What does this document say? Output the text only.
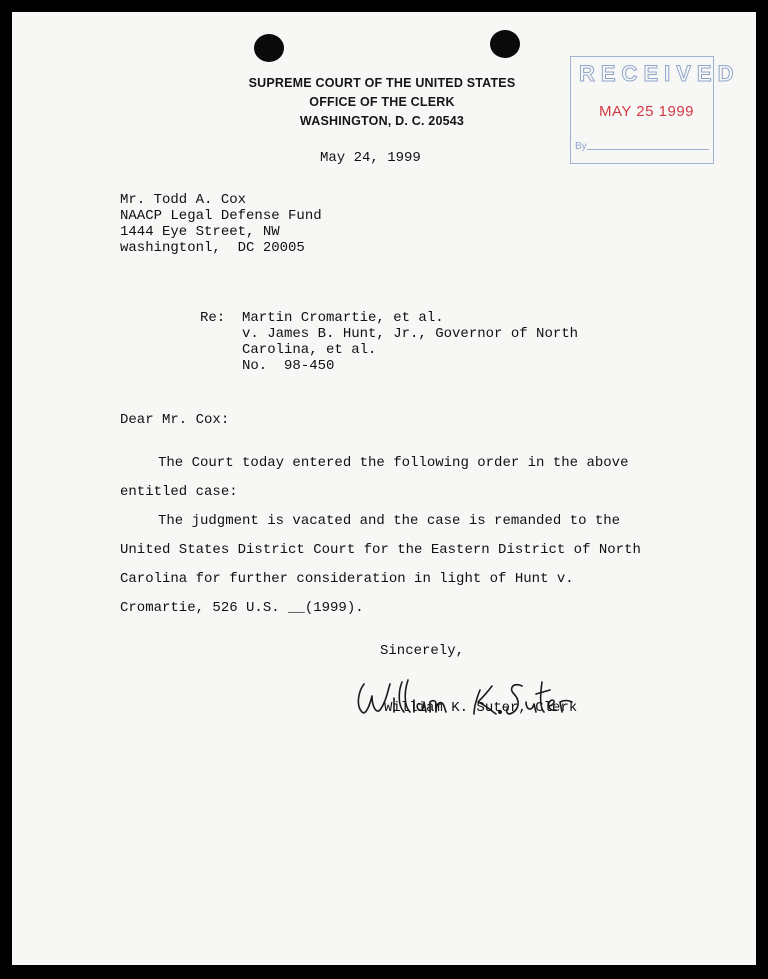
SUPREME COURT OF THE UNITED STATES
OFFICE OF THE CLERK
WASHINGTON, D. C. 20543
RECEIVED
MAY 25 1999
By
May 24, 1999
Mr. Todd A. Cox
NAACP Legal Defense Fund
1444 Eye Street, NW
washingtonl,  DC 20005
Re: Martin Cromartie, et al.
v. James B. Hunt, Jr., Governor of North
Carolina, et al.
No.  98-450
Dear Mr. Cox:
The Court today entered the following order in the above
entitled case:
The judgment is vacated and the case is remanded to the
United States District Court for the Eastern District of North
Carolina for further consideration in light of Hunt v.
Cromartie, 526 U.S. __(1999).
Sincerely,
William K. Suter, Clerk
